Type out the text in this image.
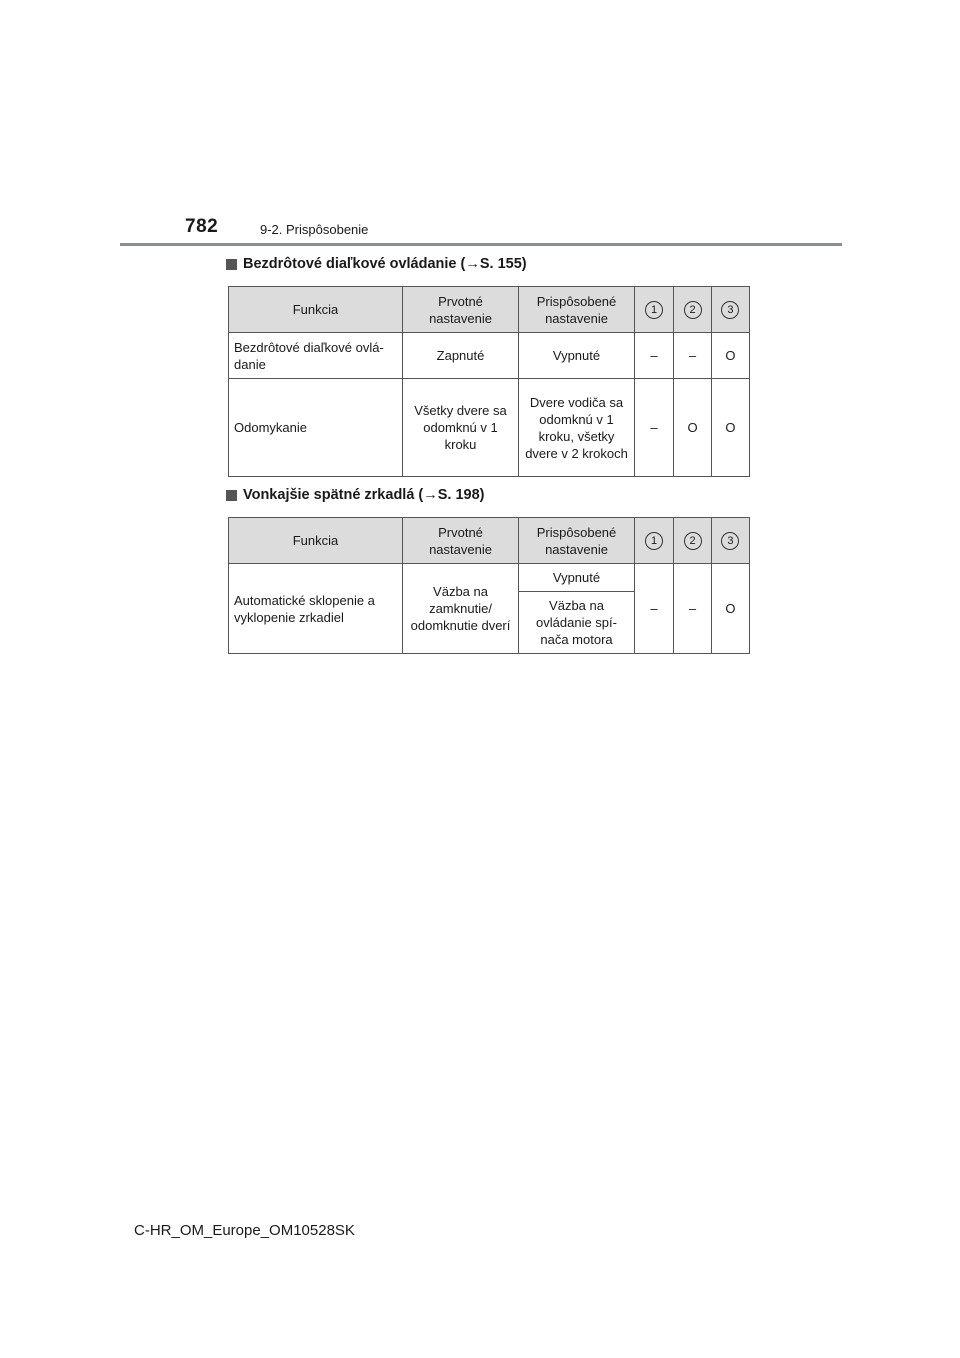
782	9-2. Prispôsobenie
Bezdrôtové diaľkové ovládanie (→S. 155)
Funkcia	Prvotné nastavenie	Prispôsobené nastavenie	1	2	3
Bezdrôtové diaľkové ovlá-danie	Zapnuté	Vypnuté	–	–	O
Odomykanie	Všetky dvere sa odomknú v 1 kroku	Dvere vodiča sa odomknú v 1 kroku, všetky dvere v 2 krokoch	–	O	O
Vonkajšie spätné zrkadlá (→S. 198)
Funkcia	Prvotné nastavenie	Prispôsobené nastavenie	1	2	3
Automatické sklopenie a vyklopenie zrkadiel	Väzba na zamknutie/ odomknutie dverí	Vypnuté	–	–	O
		Väzba na ovládanie spí-nača motora			
C-HR_OM_Europe_OM10528SK
